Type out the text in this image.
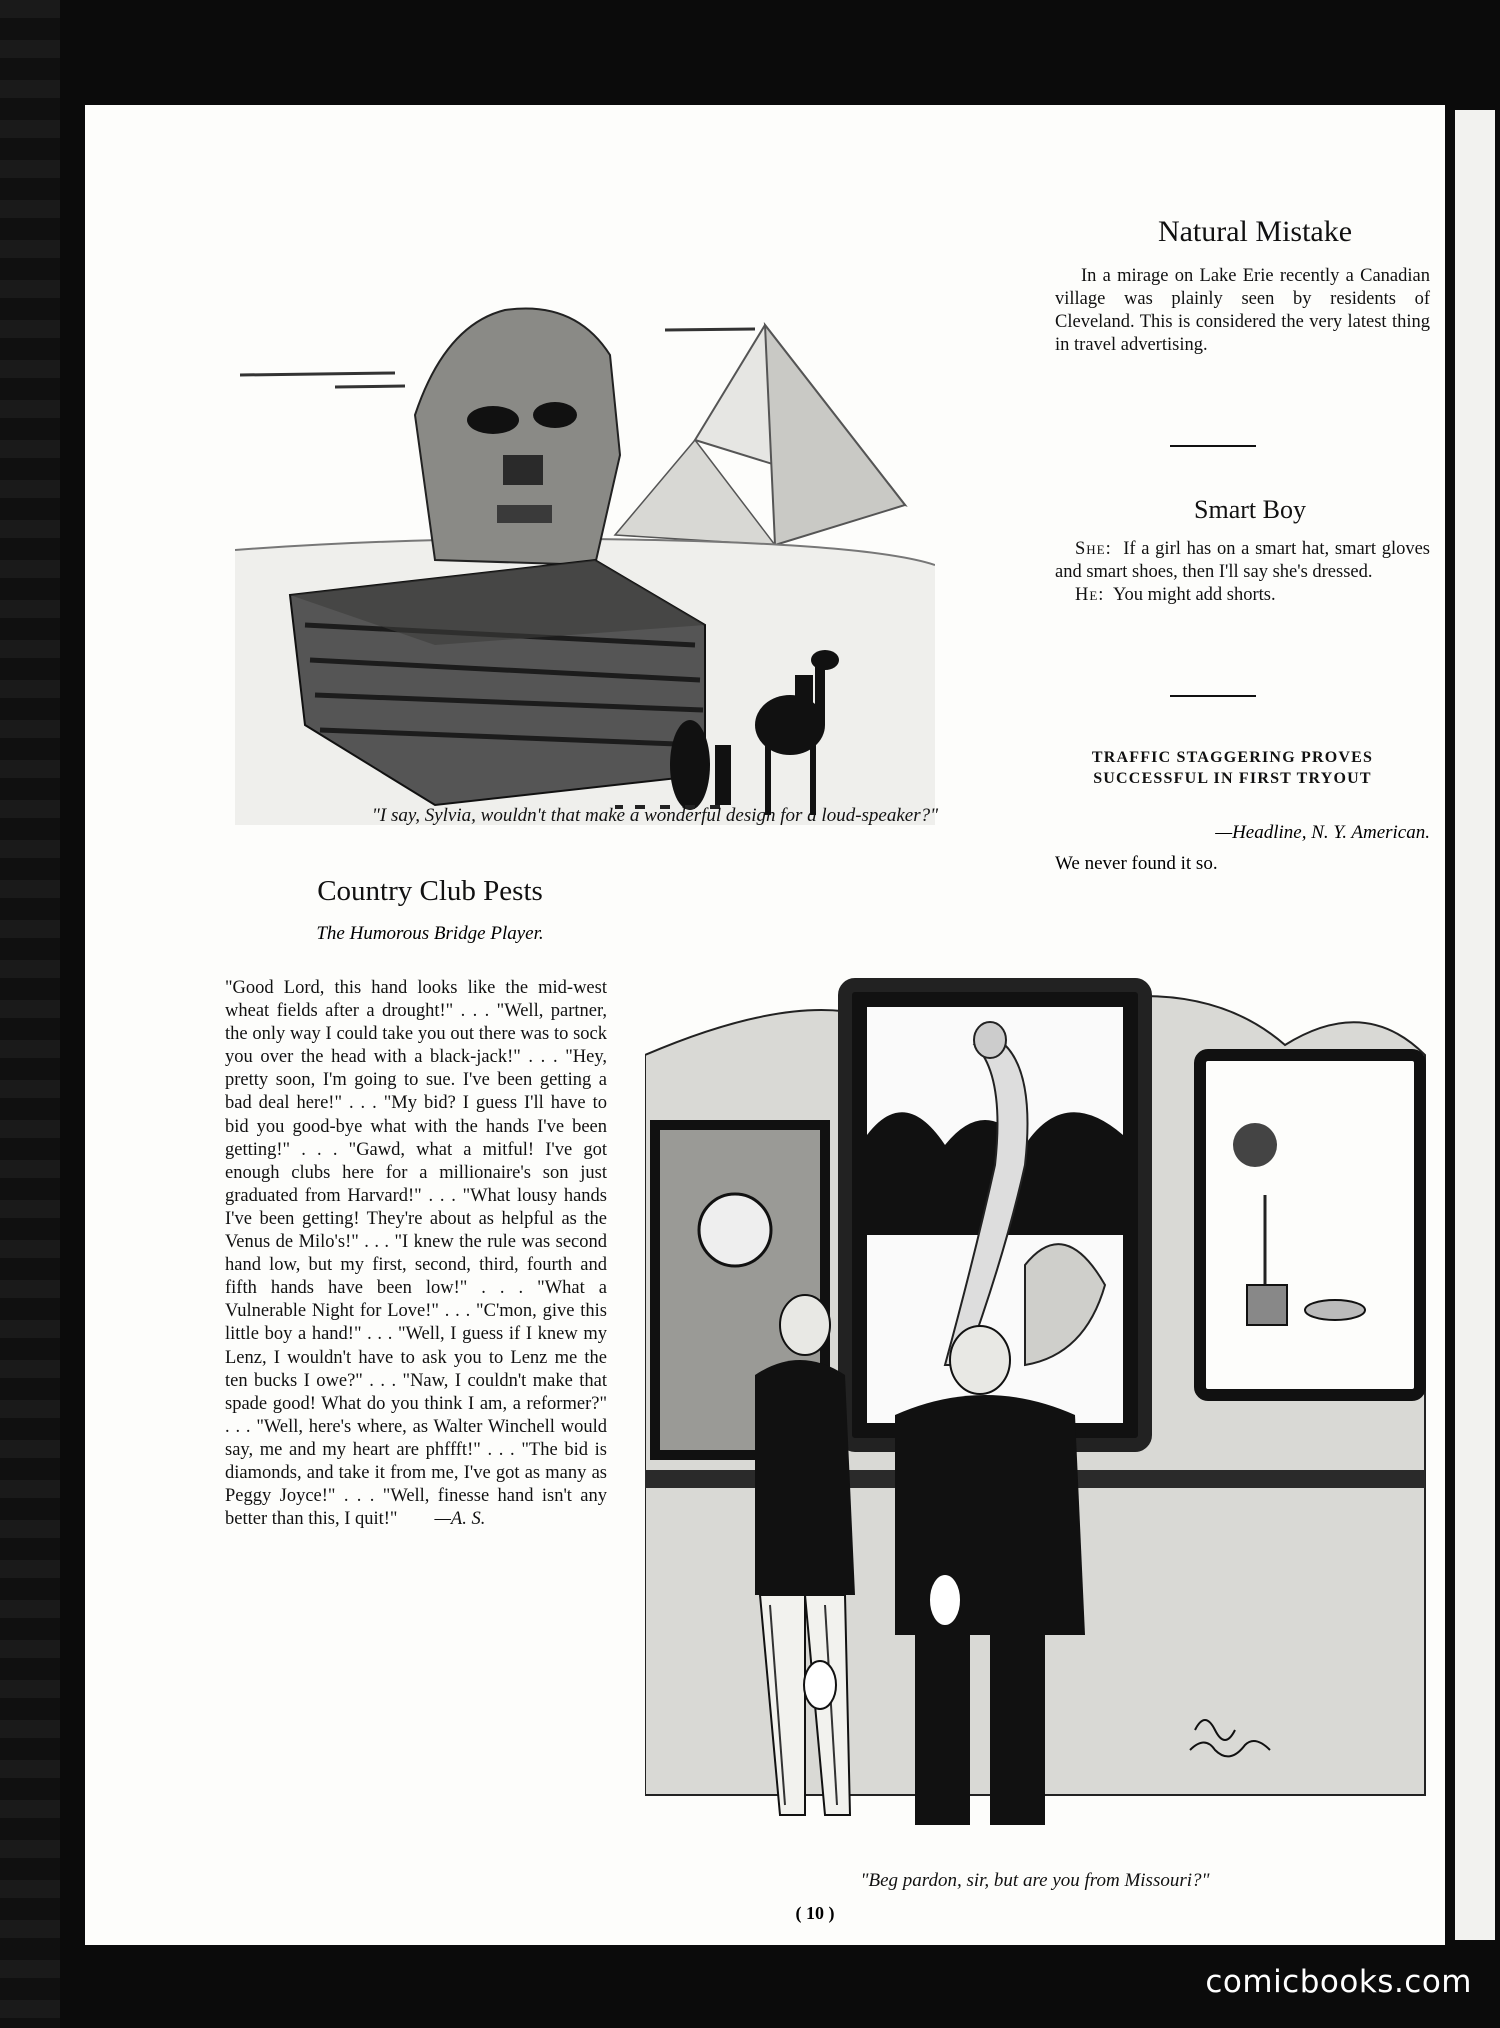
"I say, Sylvia, wouldn't that make a wonderful design for a loud-speaker?"
Natural Mistake
In a mirage on Lake Erie recently a Canadian village was plainly seen by residents of Cleveland. This is considered the very latest thing in travel advertising.
Smart Boy

She: If a girl has on a smart hat, smart gloves and smart shoes, then I'll say she's dressed.

He: You might add shorts.

TRAFFIC STAGGERING PROVES SUCCESSFUL IN FIRST TRYOUT
—Headline, N. Y. American.
We never found it so.
Country Club Pests
The Humorous Bridge Player.
"Good Lord, this hand looks like the mid-west wheat fields after a drought!" . . . "Well, partner, the only way I could take you out there was to sock you over the head with a black-jack!" . . . "Hey, pretty soon, I'm going to sue. I've been getting a bad deal here!" . . . "My bid? I guess I'll have to bid you good-bye what with the hands I've been getting!" . . . "Gawd, what a mitful! I've got enough clubs here for a millionaire's son just graduated from Harvard!" . . . "What lousy hands I've been getting! They're about as helpful as the Venus de Milo's!" . . . "I knew the rule was second hand low, but my first, second, third, fourth and fifth hands have been low!" . . . "What a Vulnerable Night for Love!" . . . "C'mon, give this little boy a hand!" . . . "Well, I guess if I knew my Lenz, I wouldn't have to ask you to Lenz me the ten bucks I owe?" . . . "Naw, I couldn't make that spade good! What do you think I am, a reformer?" . . . "Well, here's where, as Walter Winchell would say, me and my heart are phffft!" . . . "The bid is diamonds, and take it from me, I've got as many as Peggy Joyce!" . . . "Well, finesse hand isn't any better than this, I quit!" —A. S.
"Beg pardon, sir, but are you from Missouri?"
( 10 )
comicbooks.com
